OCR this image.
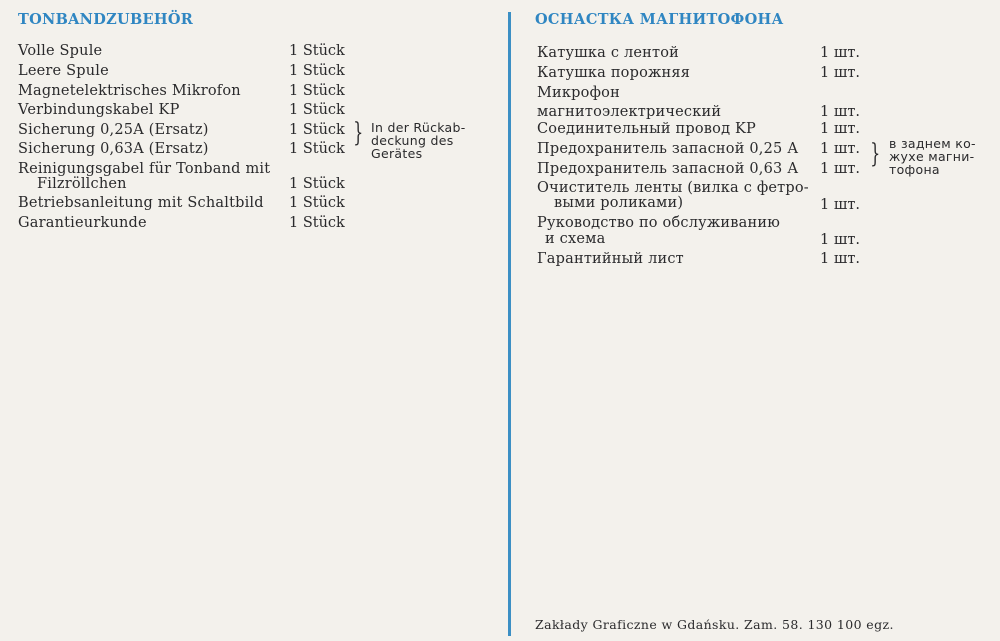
TONBANDZUBEHÖR
Volle Spule	1 Stück
Leere Spule	1 Stück
Magnetelektrisches Mikrofon	1 Stück
Verbindungskabel KP	1 Stück
Sicherung 0,25A (Ersatz)	1 Stück
Sicherung 0,63A (Ersatz)	1 Stück
} In der Rückab-
deckung des
Gerätes
Reinigungsgabel für Tonband mit
Filzröllchen	1 Stück
Betriebsanleitung mit Schaltbild 1 Stück
Garantieurkunde	1 Stück
ОСНАСТКА МАГНИТОФОНА
Катушка с лентой	1 шт.
Катушка порожняя	1 шт.
Микрофон
магнитоэлектрический	1 шт.
Соединительный провод KP	1 шт.
Предохранитель запасной 0,25 А 1 шт.
Предохранитель запасной 0,63 А 1 шт. } в заднем ко-
жухе магни-
тофона
Очиститель ленты (вилка с фетро-
выми роликами)	1 шт.
Руководство по обслуживанию
и схема	1 шт.
Гарантийный лист	1 шт.
Zakłady Graficzne w Gdańsku. Zam. 58. 130 100 egz.
